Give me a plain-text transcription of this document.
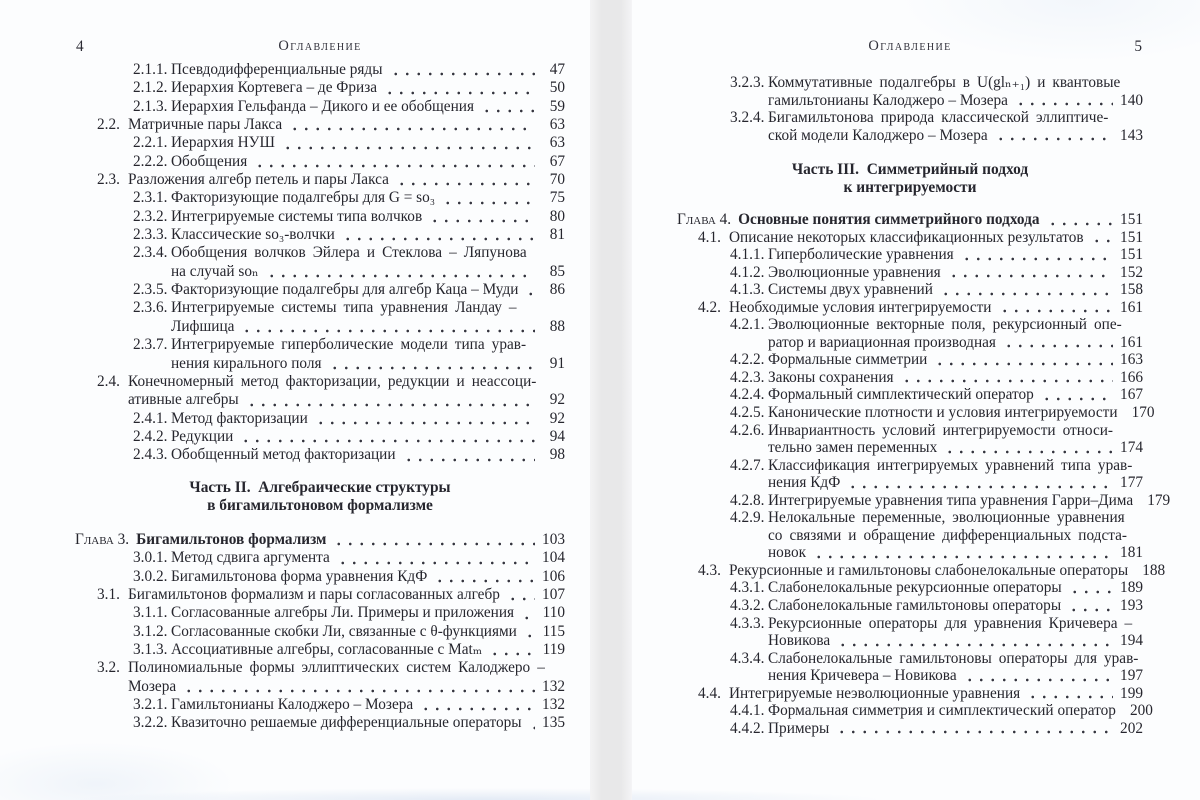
4	Оглавление
2.1.1. Псевдодифференциальные ряды	47
2.1.2. Иерархия Кортевега – де Фриза	50
2.1.3. Иерархия Гельфанда – Дикого и ее обобщения	59
2.2. Матричные пары Лакса	63
2.2.1. Иерархия НУШ	63
2.2.2. Обобщения	67
2.3. Разложения алгебр петель и пары Лакса	70
2.3.1. Факторизующие подалгебры для G = so₃	75
2.3.2. Интегрируемые системы типа волчков	80
2.3.3. Классические so₃-волчки	81
2.3.4. Обобщения волчков Эйлера и Стеклова – Ляпунова
на случай soₙ	85
2.3.5. Факторизующие подалгебры для алгебр Каца – Муди	86
2.3.6. Интегрируемые системы типа уравнения Ландау –
Лифшица	88
2.3.7. Интегрируемые гиперболические модели типа урав-
нения кирального поля	91
2.4. Конечномерный метод факторизации, редукции и неассоци-
ативные алгебры	92
2.4.1. Метод факторизации	92
2.4.2. Редукции	94
2.4.3. Обобщенный метод факторизации	98
Часть II. Алгебраические структуры
в бигамильтоновом формализме
Глава 3. Бигамильтонов формализм	103
3.0.1. Метод сдвига аргумента	104
3.0.2. Бигамильтонова форма уравнения КдФ	106
3.1. Бигамильтонов формализм и пары согласованных алгебр	107
3.1.1. Согласованные алгебры Ли. Примеры и приложения 110
3.1.2. Согласованные скобки Ли, связанные с θ-функциями 115
3.1.3. Ассоциативные алгебры, согласованные с Matₘ	119
3.2. Полиномиальные формы эллиптических систем Калоджеро –
Мозера	132
3.2.1. Гамильтонианы Калоджеро – Мозера	132
3.2.2. Квазиточно решаемые дифференциальные операторы 135
Оглавление	5
3.2.3. Коммутативные подалгебры в U(glₙ₊₁) и квантовые
гамильтонианы Калоджеро – Мозера	140
3.2.4. Бигамильтонова природа классической эллиптиче-
ской модели Калоджеро – Мозера	143
Часть III. Симметрийный подход
к интегрируемости
Глава 4. Основные понятия симметрийного подхода	151
4.1. Описание некоторых классификационных результатов 151
4.1.1. Гиперболические уравнения	151
4.1.2. Эволюционные уравнения	152
4.1.3. Системы двух уравнений	158
4.2. Необходимые условия интегрируемости	161
4.2.1. Эволюционные векторные поля, рекурсионный опе-
ратор и вариационная производная	161
4.2.2. Формальные симметрии	163
4.2.3. Законы сохранения	166
4.2.4. Формальный симплектический оператор	167
4.2.5. Канонические плотности и условия интегрируемости 170
4.2.6. Инвариантность условий интегрируемости относи-
тельно замен переменных	174
4.2.7. Классификация интегрируемых уравнений типа урав-
нения КдФ	177
4.2.8. Интегрируемые уравнения типа уравнения Гарри–Дима 179
4.2.9. Нелокальные переменные, эволюционные уравнения
со связями и обращение дифференциальных подста-
новок	181
4.3. Рекурсионные и гамильтоновы слабонелокальные операторы 188
4.3.1. Слабонелокальные рекурсионные операторы	189
4.3.2. Слабонелокальные гамильтоновы операторы	193
4.3.3. Рекурсионные операторы для уравнения Кричевера –
Новикова	194
4.3.4. Слабонелокальные гамильтоновы операторы для урав-
нения Кричевера – Новикова	197
4.4. Интегрируемые неэволюционные уравнения	199
4.4.1. Формальная симметрия и симплектический оператор 200
4.4.2. Примеры	202
